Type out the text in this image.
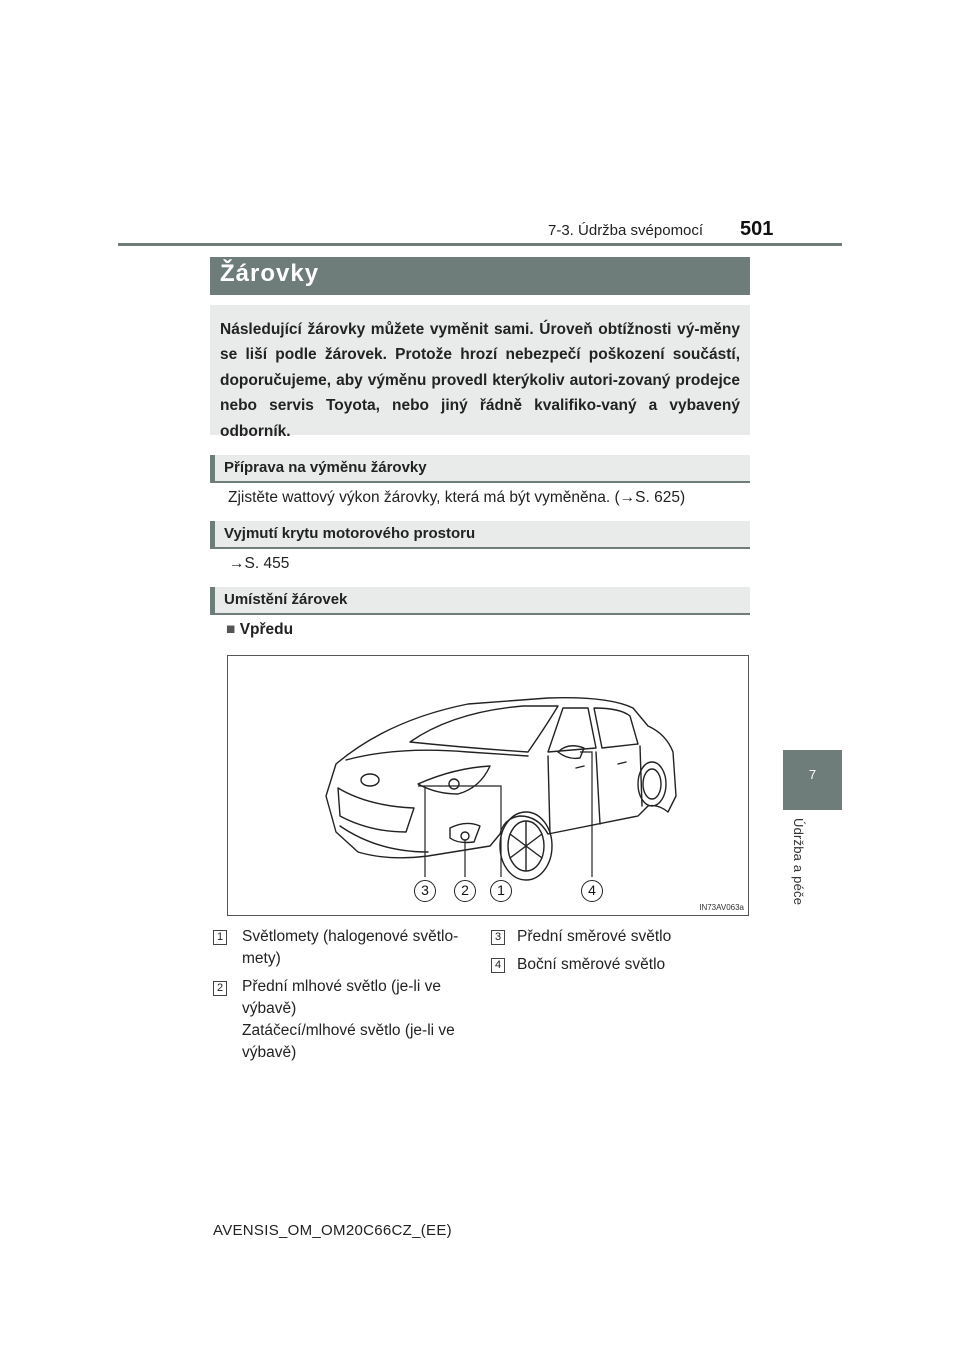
7-3. Údržba svépomocí 501
7
Údržba a péče
Žárovky
Následující žárovky můžete vyměnit sami. Úroveň obtížnosti vý-měny se liší podle žárovek. Protože hrozí nebezpečí poškození součástí, doporučujeme, aby výměnu provedl kterýkoliv autori-zovaný prodejce nebo servis Toyota, nebo jiný řádně kvalifiko-vaný a vybavený odborník.
Příprava na výměnu žárovky
Zjistěte wattový výkon žárovky, která má být vyměněna. (→S. 625)
Vyjmutí krytu motorového prostoru
→S. 455
Umístění žárovek
■ Vpředu
3	2	1	4
IN73AV063a
1 Světlomety (halogenové světlo-
mety)
2 Přední mlhové světlo (je-li ve
výbavě)
Zatáčecí/mlhové světlo (je-li ve
výbavě)
3 Přední směrové světlo
4 Boční směrové světlo
AVENSIS_OM_OM20C66CZ_(EE)
